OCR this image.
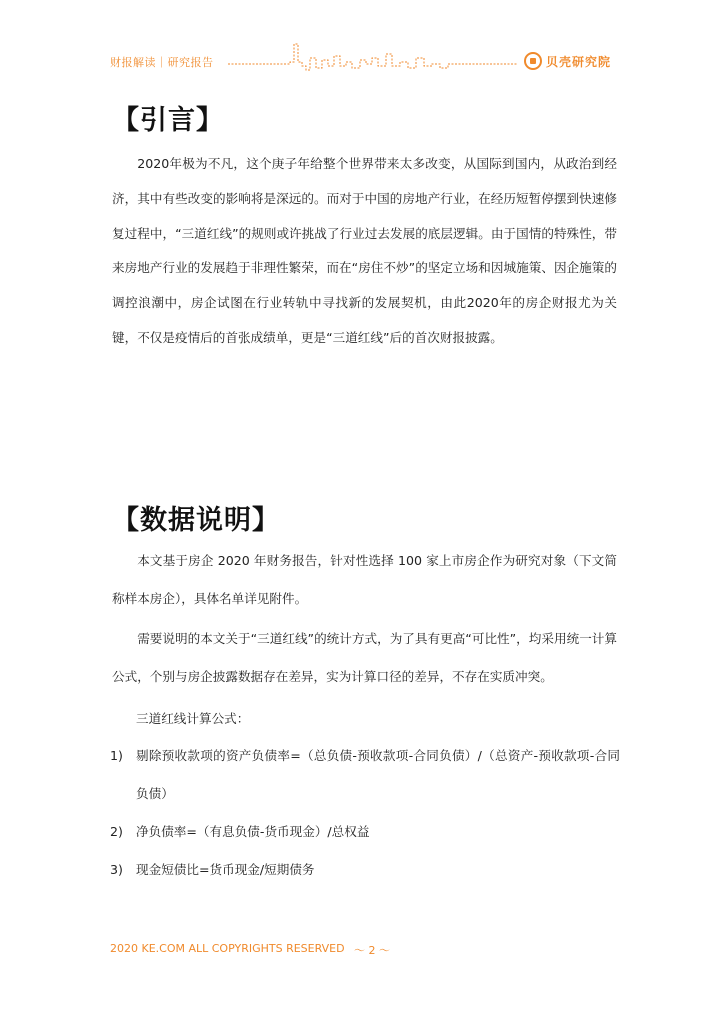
财报解读｜研究报告	贝壳研究院
【引言】

2020年极为不凡，这个庚子年给整个世界带来太多改变，从国际到国内，从政治到经济，其中有些改变的影响将是深远的。而对于中国的房地产行业，在经历短暂停摆到快速修复过程中，“三道红线”的规则或许挑战了行业过去发展的底层逻辑。由于国情的特殊性，带来房地产行业的发展趋于非理性繁荣，而在“房住不炒”的坚定立场和因城施策、因企施策的调控浪潮中，房企试图在行业转轨中寻找新的发展契机，由此2020年的房企财报尤为关键，不仅是疫情后的首张成绩单，更是“三道红线”后的首次财报披露。

【数据说明】

本文基于房企 2020 年财务报告，针对性选择 100 家上市房企作为研究对象（下文简称样本房企），具体名单详见附件。

需要说明的本文关于“三道红线”的统计方式，为了具有更高“可比性”，均采用统一计算公式，个别与房企披露数据存在差异，实为计算口径的差异，不存在实质冲突。

三道红线计算公式：
1)	剔除预收款项的资产负债率=（总负债-预收款项-合同负债）/（总资产-预收款项-合同负债）
2)	净负债率=（有息负债-货币现金）/总权益
3)	现金短债比=货币现金/短期债务
2020 KE.COM ALL COPYRIGHTS RESERVED ～ 2 ～
